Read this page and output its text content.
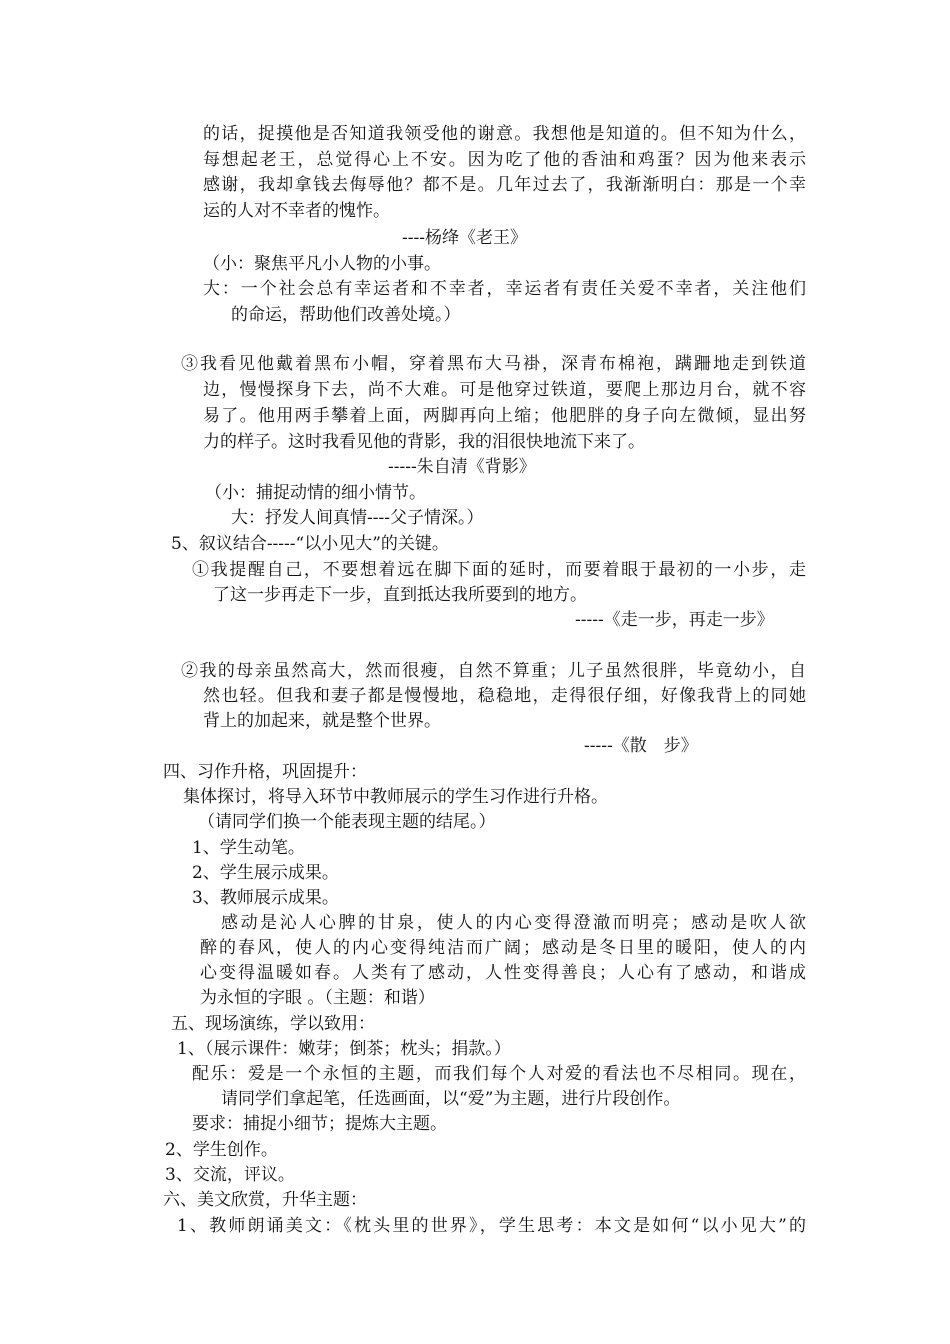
的话，捉摸他是否知道我领受他的谢意。我想他是知道的。但不知为什么，
每想起老王，总觉得心上不安。因为吃了他的香油和鸡蛋？因为他来表示
感谢，我却拿钱去侮辱他？都不是。几年过去了，我渐渐明白：那是一个幸
运的人对不幸者的愧怍。
----杨绛《老王》
（小：聚焦平凡小人物的小事。
大：一个社会总有幸运者和不幸者，幸运者有责任关爱不幸者，关注他们
的命运，帮助他们改善处境。）
③我看见他戴着黑布小帽，穿着黑布大马褂，深青布棉袍，蹒跚地走到铁道
边，慢慢探身下去，尚不大难。可是他穿过铁道，要爬上那边月台，就不容
易了。他用两手攀着上面，两脚再向上缩；他肥胖的身子向左微倾，显出努
力的样子。这时我看见他的背影，我的泪很快地流下来了。
-----朱自清《背影》
（小：捕捉动情的细小情节。
大：抒发人间真情----父子情深。）
5、叙议结合-----“以小见大”的关键。
①我提醒自己，不要想着远在脚下面的延时，而要着眼于最初的一小步，走
了这一步再走下一步，直到抵达我所要到的地方。
-----《走一步，再走一步》
②我的母亲虽然高大，然而很瘦，自然不算重；儿子虽然很胖，毕竟幼小，自
然也轻。但我和妻子都是慢慢地，稳稳地，走得很仔细，好像我背上的同她
背上的加起来，就是整个世界。
-----《散　步》
四、习作升格，巩固提升：
集体探讨，将导入环节中教师展示的学生习作进行升格。
（请同学们换一个能表现主题的结尾。）
1、学生动笔。
2、学生展示成果。
3、教师展示成果。
感动是沁人心脾的甘泉，使人的内心变得澄澈而明亮；感动是吹人欲
醉的春风，使人的内心变得纯洁而广阔；感动是冬日里的暖阳，使人的内
心变得温暖如春。人类有了感动，人性变得善良；人心有了感动，和谐成
为永恒的字眼 。（主题：和谐）
五、现场演练，学以致用：
1、（展示课件：嫩芽；倒茶；枕头；捐款。）
配乐：爱是一个永恒的主题，而我们每个人对爱的看法也不尽相同。现在，
请同学们拿起笔，任选画面，以“爱”为主题，进行片段创作。
要求：捕捉小细节；提炼大主题。
2、学生创作。
3、交流，评议。
六、美文欣赏，升华主题：
1、教师朗诵美文：《枕头里的世界》，学生思考：本文是如何“以小见大”的
